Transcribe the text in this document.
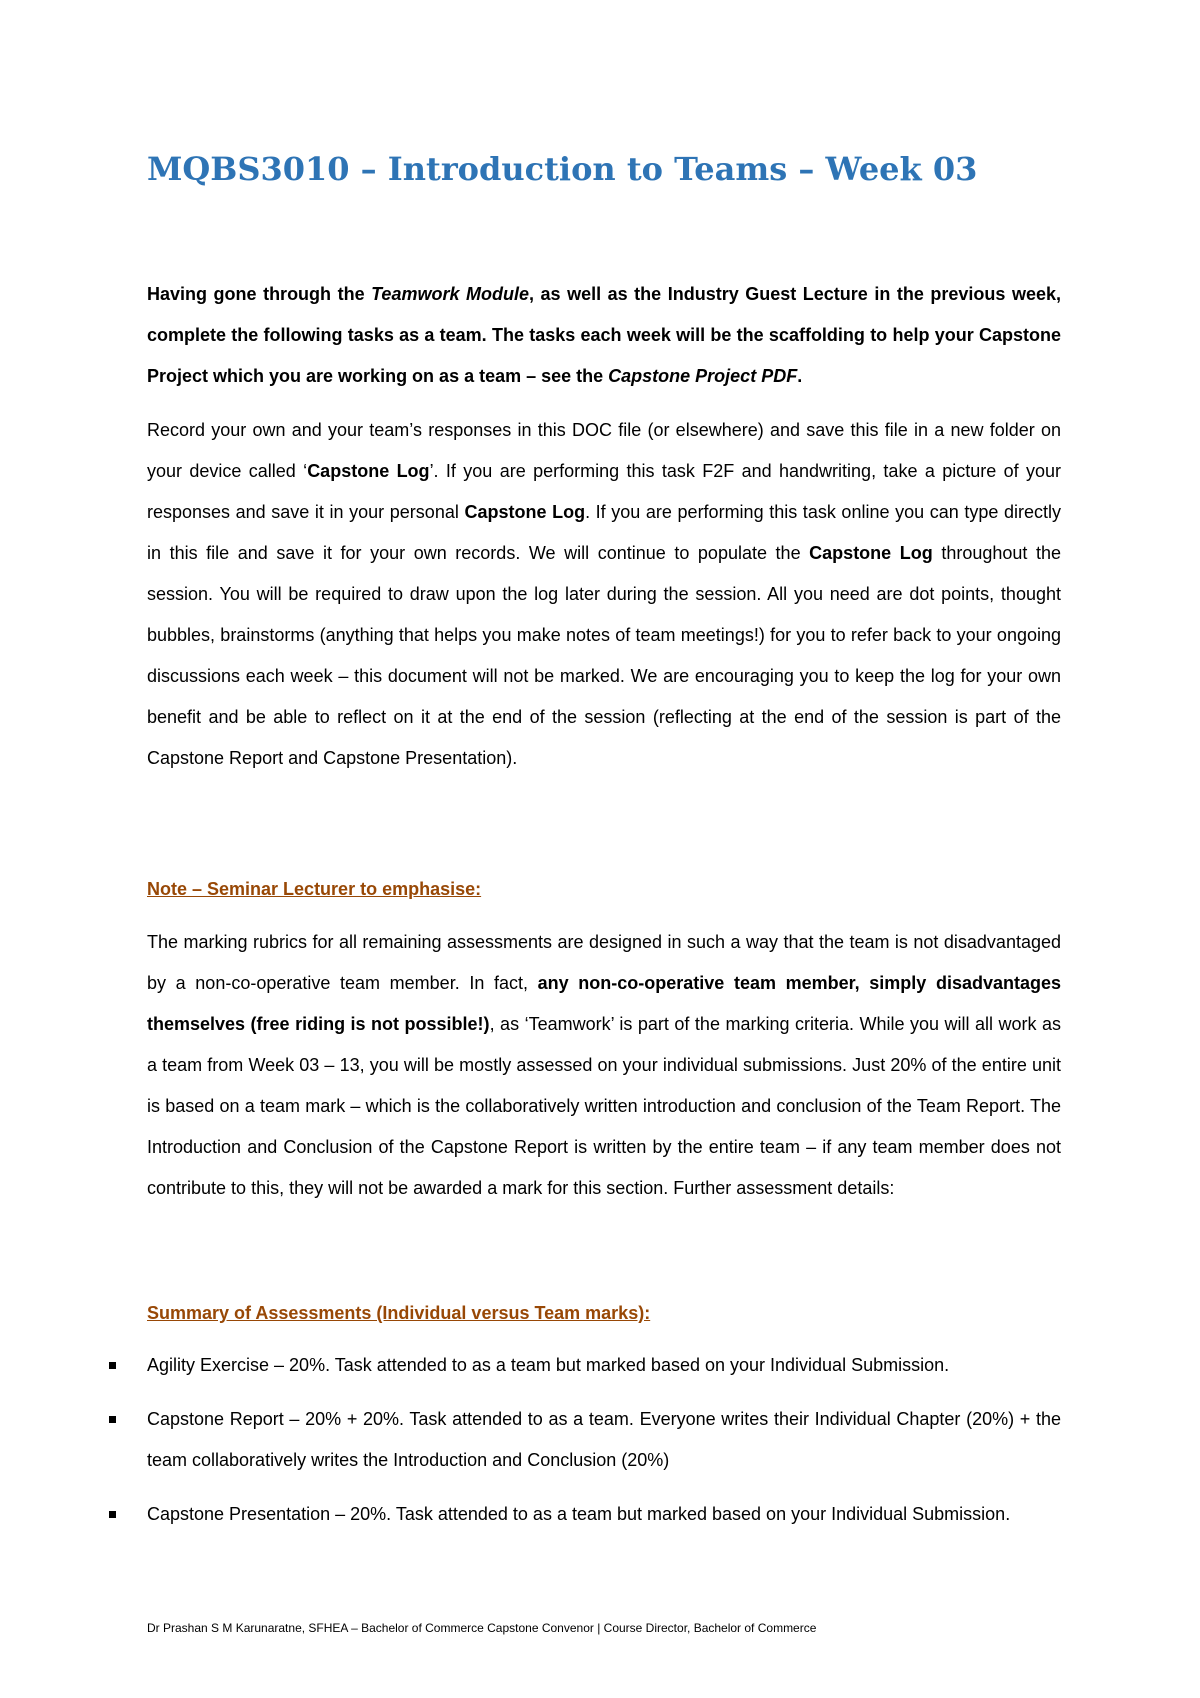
MQBS3010 – Introduction to Teams – Week 03

Having gone through the Teamwork Module, as well as the Industry Guest Lecture in the previous week, complete the following tasks as a team. The tasks each week will be the scaffolding to help your Capstone Project which you are working on as a team – see the Capstone Project PDF.

Record your own and your team’s responses in this DOC file (or elsewhere) and save this file in a new folder on your device called ‘Capstone Log’. If you are performing this task F2F and handwriting, take a picture of your responses and save it in your personal Capstone Log. If you are performing this task online you can type directly in this file and save it for your own records. We will continue to populate the Capstone Log throughout the session. You will be required to draw upon the log later during the session. All you need are dot points, thought bubbles, brainstorms (anything that helps you make notes of team meetings!) for you to refer back to your ongoing discussions each week – this document will not be marked. We are encouraging you to keep the log for your own benefit and be able to reflect on it at the end of the session (reflecting at the end of the session is part of the Capstone Report and Capstone Presentation).

Note – Seminar Lecturer to emphasise:

The marking rubrics for all remaining assessments are designed in such a way that the team is not disadvantaged by a non-co-operative team member. In fact, any non-co-operative team member, simply disadvantages themselves (free riding is not possible!), as ‘Teamwork’ is part of the marking criteria. While you will all work as a team from Week 03 – 13, you will be mostly assessed on your individual submissions. Just 20% of the entire unit is based on a team mark – which is the collaboratively written introduction and conclusion of the Team Report. The Introduction and Conclusion of the Capstone Report is written by the entire team – if any team member does not contribute to this, they will not be awarded a mark for this section. Further assessment details:

Summary of Assessments (Individual versus Team marks):

Agility Exercise – 20%. Task attended to as a team but marked based on your Individual Submission.
Capstone Report – 20% + 20%. Task attended to as a team. Everyone writes their Individual Chapter (20%) + the team collaboratively writes the Introduction and Conclusion (20%)
Capstone Presentation – 20%. Task attended to as a team but marked based on your Individual Submission.
Dr Prashan S M Karunaratne, SFHEA – Bachelor of Commerce Capstone Convenor | Course Director, Bachelor of Commerce
